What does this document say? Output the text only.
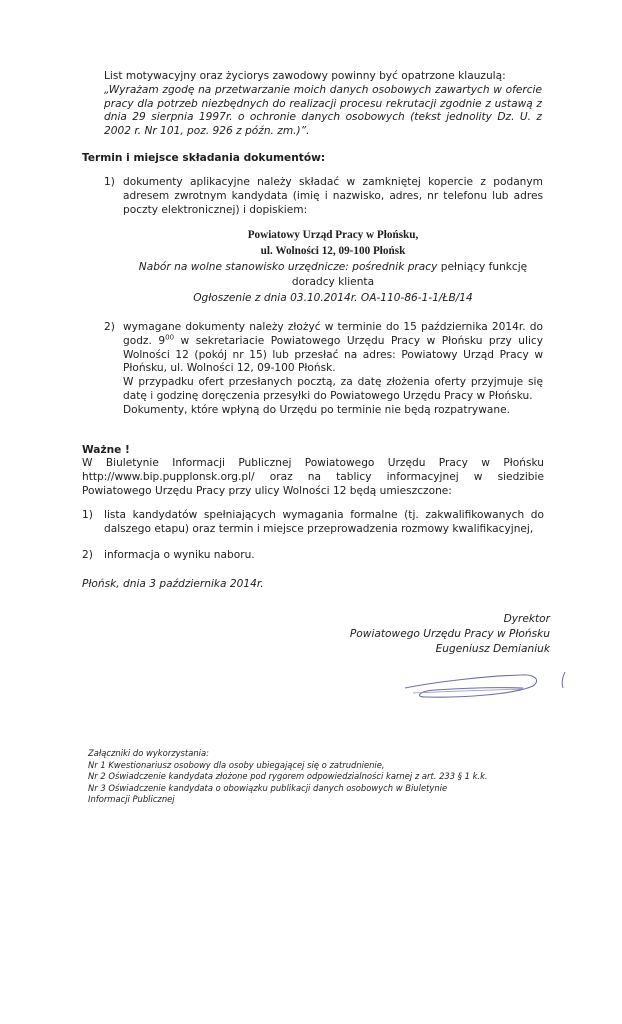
List motywacyjny oraz życiorys zawodowy powinny być opatrzone klauzulą:

„Wyrażam zgodę na przetwarzanie moich danych osobowych zawartych w ofercie pracy dla potrzeb niezbędnych do realizacji procesu rekrutacji zgodnie z ustawą z dnia 29 sierpnia 1997r. o ochronie danych osobowych (tekst jednolity Dz. U. z 2002 r. Nr 101, poz. 926 z późn. zm.)”.

Termin i miejsce składania dokumentów:
1) dokumenty aplikacyjne należy składać w zamkniętej kopercie z podanym adresem zwrotnym kandydata (imię i nazwisko, adres, nr telefonu lub adres poczty elektronicznej) i dopiskiem:
Powiatowy Urząd Pracy w Płońsku,
ul. Wolności 12, 09-100 Płońsk
Nabór na wolne stanowisko urzędnicze: pośrednik pracy pełniący funkcję
doradcy klienta
Ogłoszenie z dnia 03.10.2014r. OA-110-86-1-1/ŁB/14
2) wymagane dokumenty należy złożyć w terminie do 15 października 2014r. do godz. $9^{00}$ w sekretariacie Powiatowego Urzędu Pracy w Płońsku przy ulicy Wolności 12 (pokój nr 15) lub przesłać na adres: Powiatowy Urząd Pracy w Płońsku, ul. Wolności 12, 09-100 Płońsk.

W przypadku ofert przesłanych pocztą, za datę złożenia oferty przyjmuje się datę i godzinę doręczenia przesyłki do Powiatowego Urzędu Pracy w Płońsku.

Dokumenty, które wpłyną do Urzędu po terminie nie będą rozpatrywane.

Ważne !
W Biuletynie Informacji Publicznej Powiatowego Urzędu Pracy w Płońsku http://www.bip.pupplonsk.org.pl/ oraz na tablicy informacyjnej w siedzibie Powiatowego Urzędu Pracy przy ulicy Wolności 12 będą umieszczone:
1) lista kandydatów spełniających wymagania formalne (tj. zakwalifikowanych do dalszego etapu) oraz termin i miejsce przeprowadzenia rozmowy kwalifikacyjnej,
2) informacja o wyniku naboru.
Płońsk, dnia 3 października 2014r.
Dyrektor
Powiatowego Urzędu Pracy w Płońsku
Eugeniusz Demianiuk

Załączniki do wykorzystania:

Nr 1 Kwestionariusz osobowy dla osoby ubiegającej się o zatrudnienie,

Nr 2 Oświadczenie kandydata złożone pod rygorem odpowiedzialności karnej z art. 233 § 1 k.k.

Nr 3 Oświadczenie kandydata o obowiązku publikacji danych osobowych w Biuletynie

Informacji Publicznej
